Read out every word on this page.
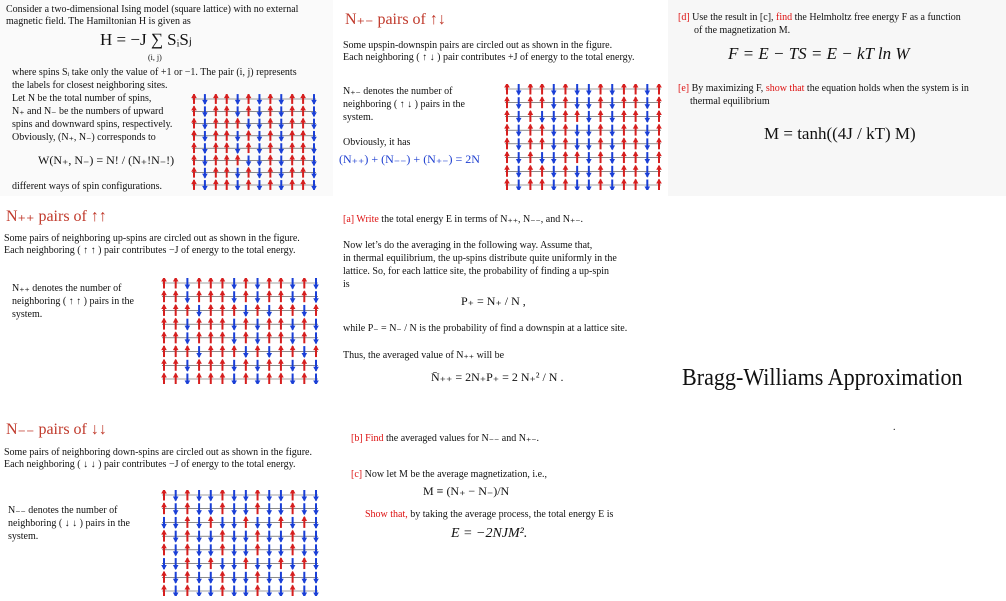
Consider a two-dimensional Ising model (square lattice) with no external
magnetic field. The Hamiltonian H is given as
H = −J ∑ SᵢSⱼ
(i, j)
where spins Sᵢ take only the value of +1 or −1. The pair (i, j) represents
the labels for closest neighboring sites.
Let N be the total number of spins,
N₊ and N₋ be the numbers of upward
spins and downward spins, respectively.
Obviously, (N₊, N₋) corresponds to
W(N₊, N₋) = N! / (N₊!N₋!)
different ways of spin configurations.
N₊₋ pairs of ↑↓
Some upspin-downspin pairs are circled out as shown in the figure.
Each neighboring ( ↑ ↓ ) pair contributes +J of energy to the total energy.
N₊₋ denotes the number of
neighboring ( ↑ ↓ ) pairs in the
system.
Obviously, it has
(N₊₊) + (N₋₋) + (N₊₋) = 2N
[d] Use the result in [c], find the Helmholtz free energy F as a function
of the magnetization M.
F = E − TS = E − kT ln W
[e] By maximizing F, show that the equation holds when the system is in
thermal equilibrium
M = tanh((4J / kT) M)
N₊₊ pairs of ↑↑
Some pairs of neighboring up-spins are circled out as shown in the figure.
Each neighboring ( ↑ ↑ ) pair contributes −J of energy to the total energy.
N₊₊ denotes the number of
neighboring ( ↑ ↑ ) pairs in the
system.
[a] Write the total energy E in terms of N₊₊, N₋₋, and N₊₋.
Now let’s do the averaging in the following way. Assume that,
in thermal equilibrium, the up-spins distribute quite uniformly in the
lattice. So, for each lattice site, the probability of finding a up-spin
is
P₊ = N₊ / N ,
while P₋ = N₋ / N is the probability of find a downspin at a lattice site.
Thus, the averaged value of N₊₊ will be
N̄₊₊ = 2N₊P₊ = 2 N₊² / N .
N₋₋ pairs of ↓↓
Some pairs of neighboring down-spins are circled out as shown in the figure.
Each neighboring ( ↓ ↓ ) pair contributes −J of energy to the total energy.
N₋₋ denotes the number of
neighboring ( ↓ ↓ ) pairs in the
system.
[b] Find the averaged values for N₋₋ and N₊₋.
[c] Now let M be the average magnetization, i.e.,
M ≡ (N₊ − N₋)/N
Show that, by taking the average process, the total energy E is
E = −2NJM².
Bragg-Williams Approximation
.
